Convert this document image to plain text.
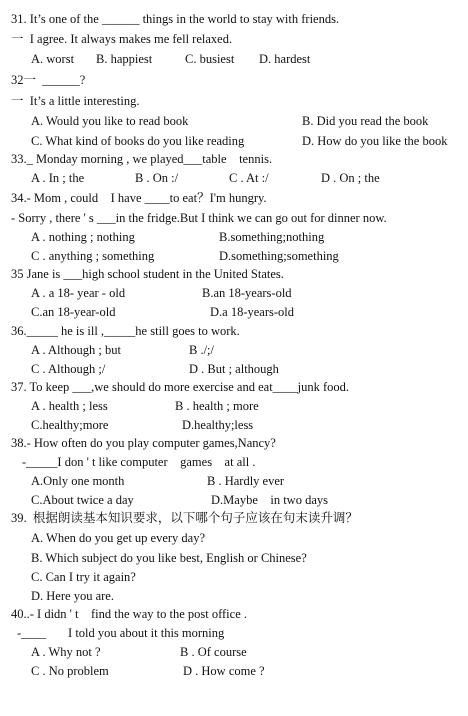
31. It’s one of the ______ things in the world to stay with friends.
一  I agree. It always makes me fell relaxed.

A. worst

B. happiest

	C. busiest

D. hardest

32一  ______?
一  It’s a little interesting.

A. Would you like to read book

	B. Did you read the book

C. What kind of books do you like reading

	D. How do you like the book

33._ Monday morning , we played___table    tennis.

A . In ; the

	B . On :/

	C . At :/

	D . On ; the

34.- Mom , could    I have ____to eat？I'm hungry.
- Sorry , there ' s ___in the fridge.But I think we can go out for dinner now.

A . nothing ; nothing

	B.something;nothing

C . anything ; something

	D.something;something

35 Jane is ___high school student in the United States.

A . a 18- year - old

	B.an 18-years-old

C.an 18-year-old

	D.a 18-years-old

36._____ he is ill ,_____he still goes to work.

A . Although ; but

	B ./;/

C . Although ;/

	D . But ; although

37. To keep ___,we should do more exercise and eat____junk food.

A . health ; less

	B . health ; more

C.healthy;more

	D.healthy;less

38.- How often do you play computer games,Nancy?
-_____I don ' t like computer    games    at all .

A.Only one month

	B . Hardly ever

C.About twice a day

	D.Maybe    in two days

39.  根据朗读基本知识要求，以下哪个句子应该在句末读升调？
A. When do you get up every day?
B. Which subject do you like best, English or Chinese?
C. Can I try it again?
D. Here you are.
40..- I didn ' t    find the way to the post office .
-____       I told you about it this morning

A . Why not ?

	B . Of course

C . No problem

	D . How come ?
